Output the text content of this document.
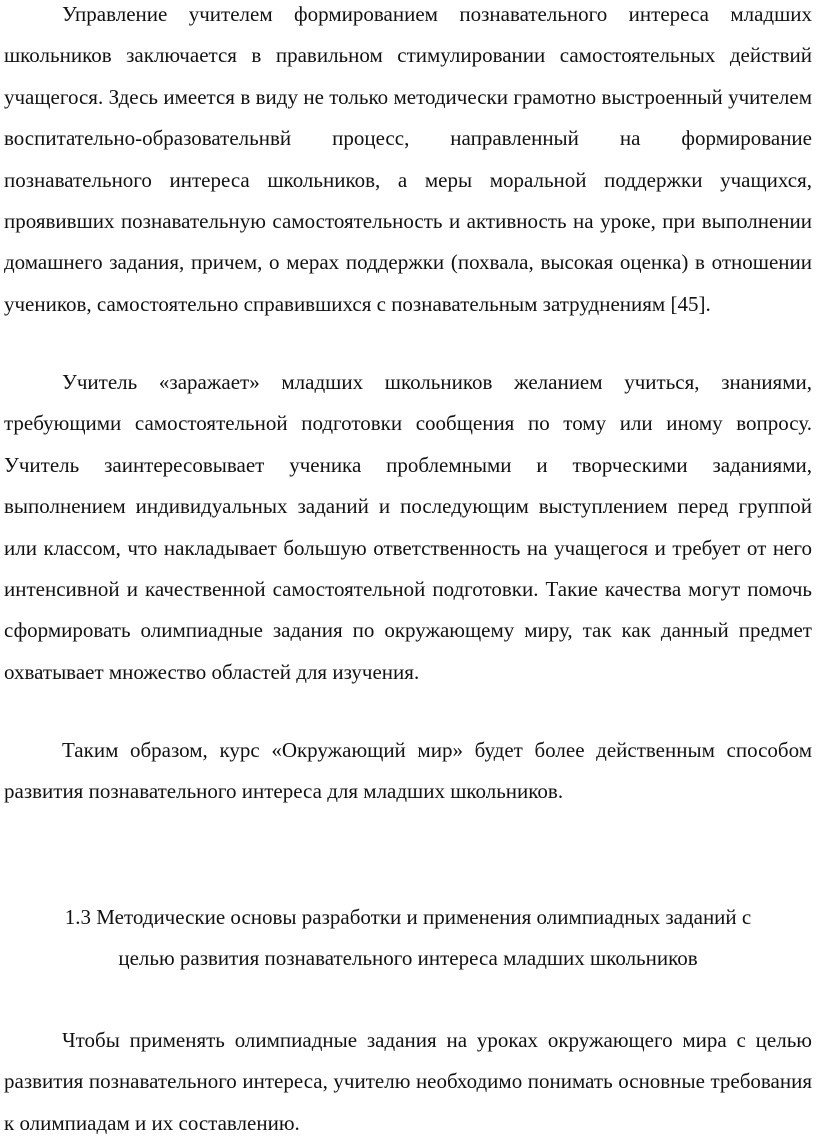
Управление учителем формированием познавательного интереса младших школьников заключается в правильном стимулировании самостоятельных действий учащегося. Здесь имеется в виду не только методически грамотно выстроенный учителем воспитательно-образовательнвй процесс, направленный на формирование познавательного интереса школьников, а меры моральной поддержки учащихся, проявивших познавательную самостоятельность и активность на уроке, при выполнении домашнего задания, причем, о мерах поддержки (похвала, высокая оценка) в отношении учеников, самостоятельно справившихся с познавательным затруднениям [45].

Учитель «заражает» младших школьников желанием учиться, знаниями, требующими самостоятельной подготовки сообщения по тому или иному вопросу. Учитель заинтересовывает ученика проблемными и творческими заданиями, выполнением индивидуальных заданий и последующим выступлением перед группой или классом, что накладывает большую ответственность на учащегося и требует от него интенсивной и качественной самостоятельной подготовки. Такие качества могут помочь сформировать олимпиадные задания по окружающему миру, так как данный предмет охватывает множество областей для изучения.

Таким образом, курс «Окружающий мир» будет более действенным способом развития познавательного интереса для младших школьников.

1.3 Методические основы разработки и применения олимпиадных заданий с
целью развития познавательного интереса младших школьников

Чтобы применять олимпиадные задания на уроках окружающего мира с целью развития познавательного интереса, учителю необходимо понимать основные требования к олимпиадам и их составлению.
